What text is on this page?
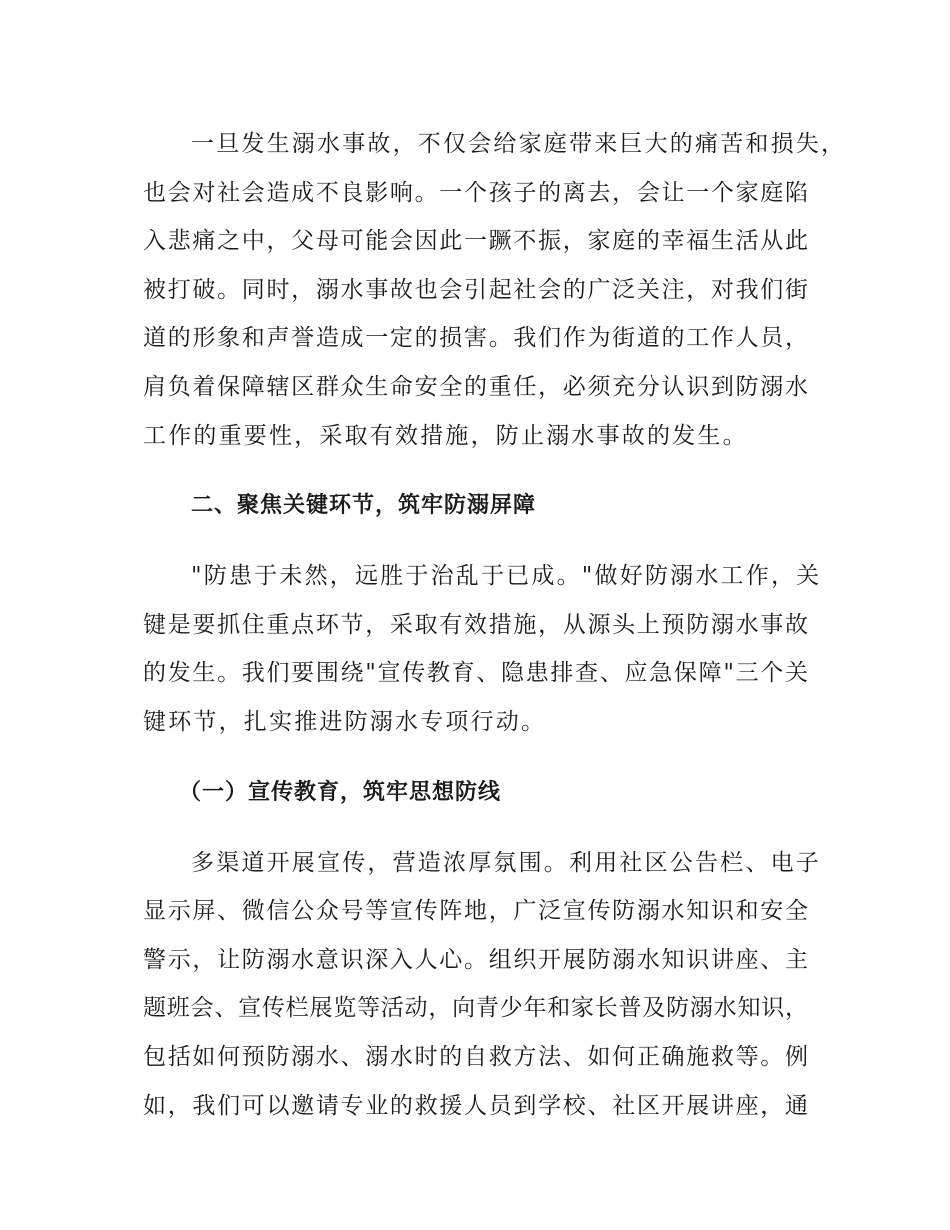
一旦发生溺水事故，不仅会给家庭带来巨大的痛苦和损失，
也会对社会造成不良影响。一个孩子的离去，会让一个家庭陷
入悲痛之中，父母可能会因此一蹶不振，家庭的幸福生活从此
被打破。同时，溺水事故也会引起社会的广泛关注，对我们街
道的形象和声誉造成一定的损害。我们作为街道的工作人员，
肩负着保障辖区群众生命安全的重任，必须充分认识到防溺水
工作的重要性，采取有效措施，防止溺水事故的发生。
二、聚焦关键环节，筑牢防溺屏障
"防患于未然，远胜于治乱于已成。"做好防溺水工作，关
键是要抓住重点环节，采取有效措施，从源头上预防溺水事故
的发生。我们要围绕"宣传教育、隐患排查、应急保障"三个关
键环节，扎实推进防溺水专项行动。
（一）宣传教育，筑牢思想防线
多渠道开展宣传，营造浓厚氛围。利用社区公告栏、电子
显示屏、微信公众号等宣传阵地，广泛宣传防溺水知识和安全
警示，让防溺水意识深入人心。组织开展防溺水知识讲座、主
题班会、宣传栏展览等活动，向青少年和家长普及防溺水知识，
包括如何预防溺水、溺水时的自救方法、如何正确施救等。例
如，我们可以邀请专业的救援人员到学校、社区开展讲座，通
